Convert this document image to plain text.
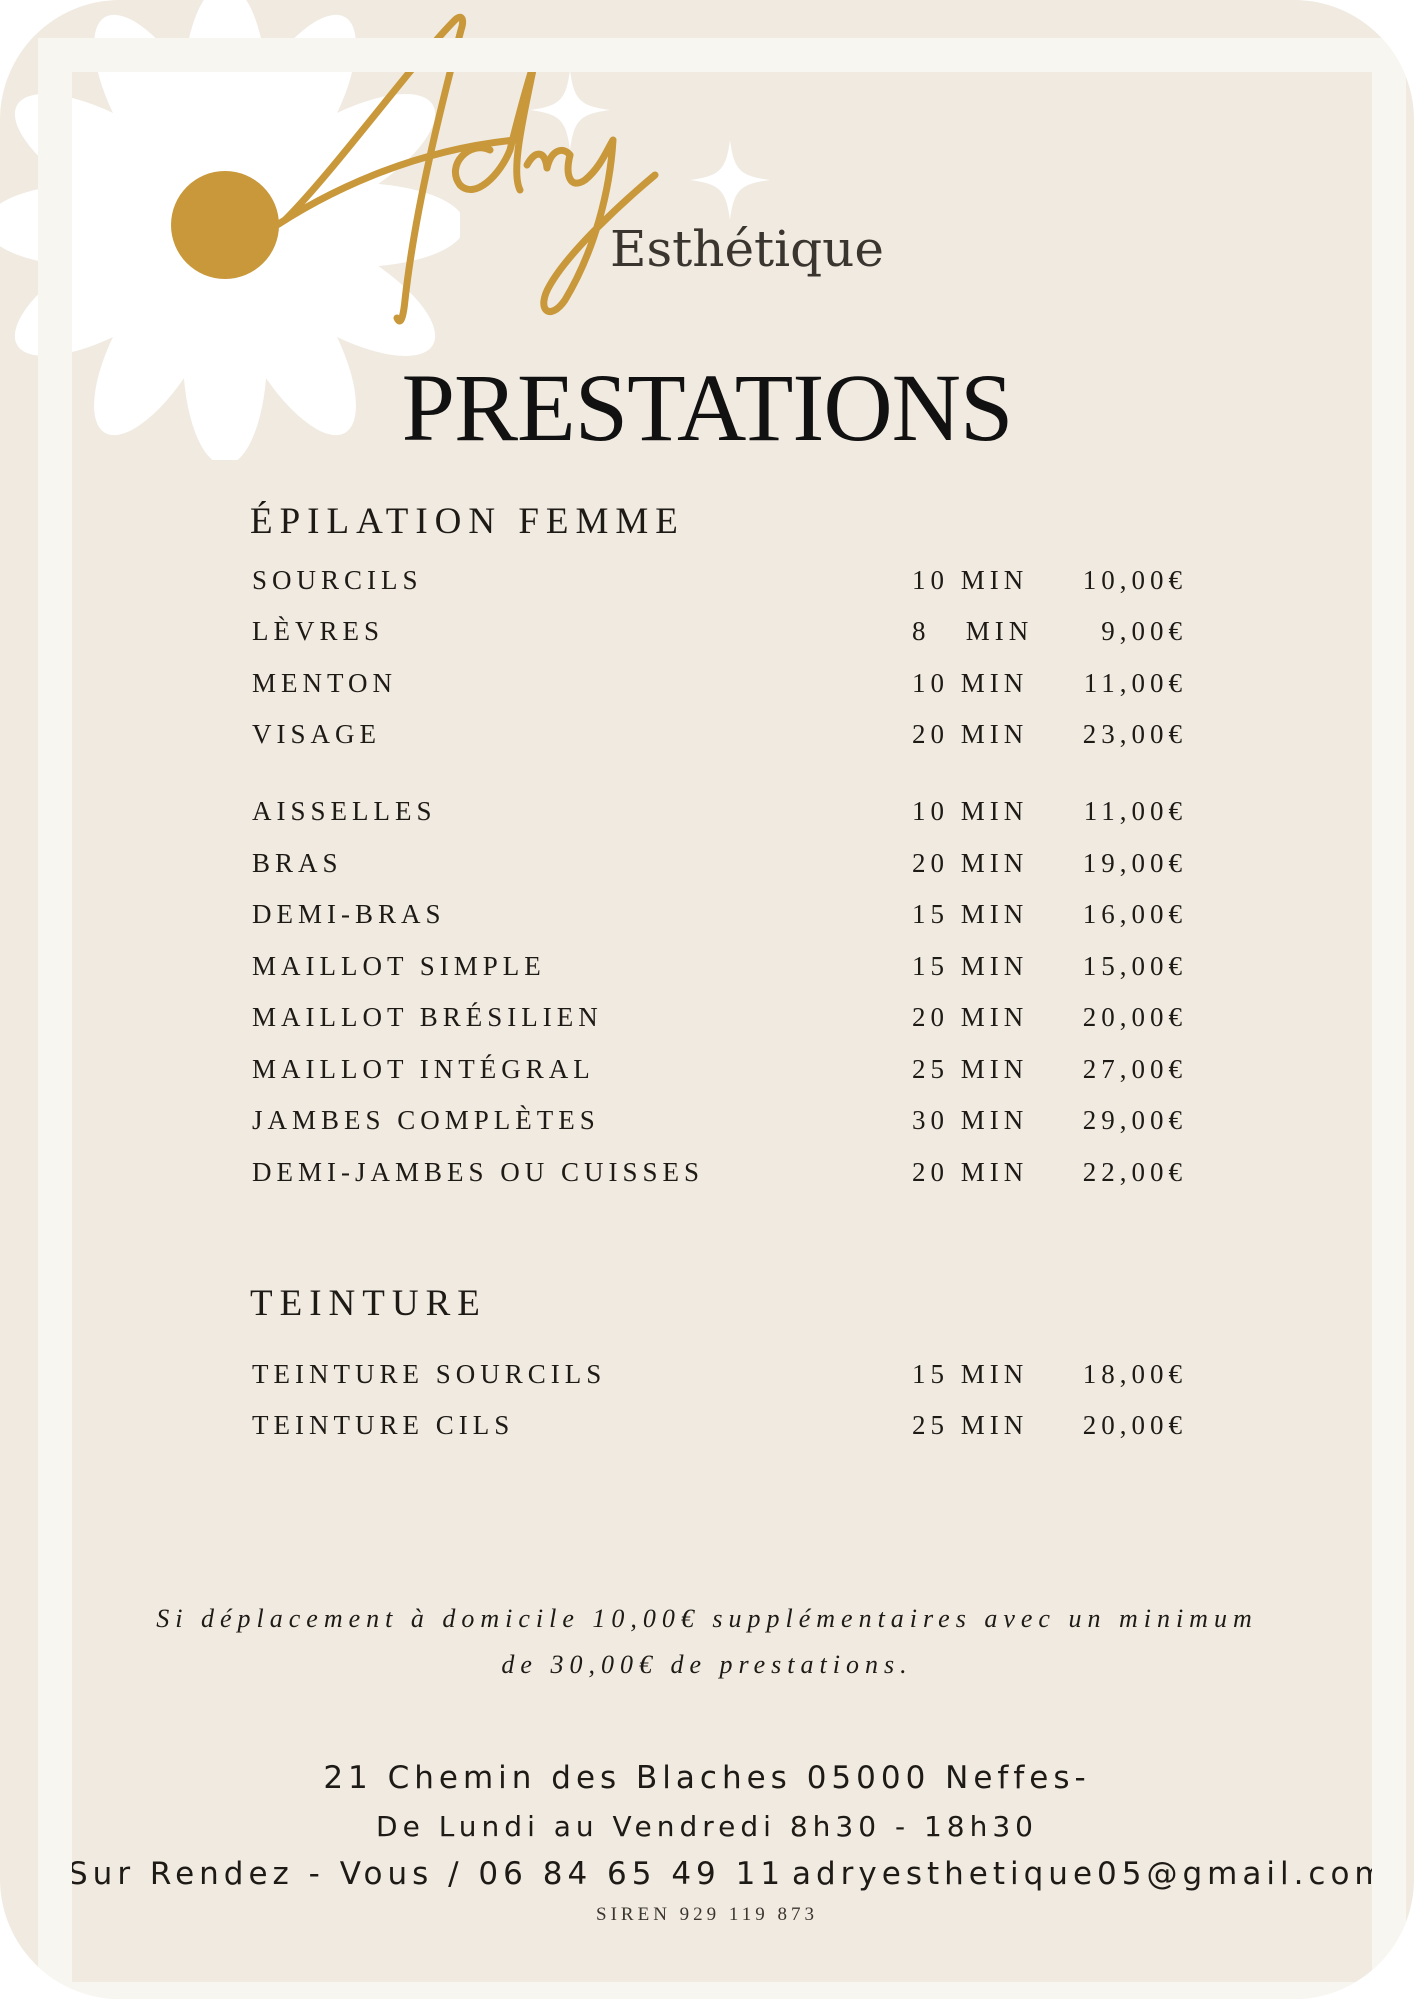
Esthétique

PRESTATIONS
ÉPILATION FEMME
SOURCILS	10 MIN 10,00€
LÈVRES	8   MIN	9,00€
MENTON	10 MIN 11,00€
VISAGE	20 MIN 23,00€
AISSELLES	10 MIN 11,00€
BRAS	20 MIN 19,00€
DEMI-BRAS	15 MIN 16,00€
MAILLOT SIMPLE	15 MIN 15,00€
MAILLOT BRÉSILIEN	20 MIN 20,00€
MAILLOT INTÉGRAL	25 MIN 27,00€
JAMBES COMPLÈTES	30 MIN 29,00€
DEMI-JAMBES OU CUISSES	20 MIN 22,00€
TEINTURE
TEINTURE SOURCILS	15 MIN 18,00€
TEINTURE CILS	25 MIN 20,00€

Si déplacement à domicile 10,00€ supplémentaires avec un minimum
de 30,00€ de prestations.

21 Chemin des Blaches 05000 Neffes-
De Lundi au Vendredi 8h30 - 18h30
Sur Rendez - Vous / 06 84 65 49 11 adryesthetique05@gmail.com
SIREN 929 119 873
